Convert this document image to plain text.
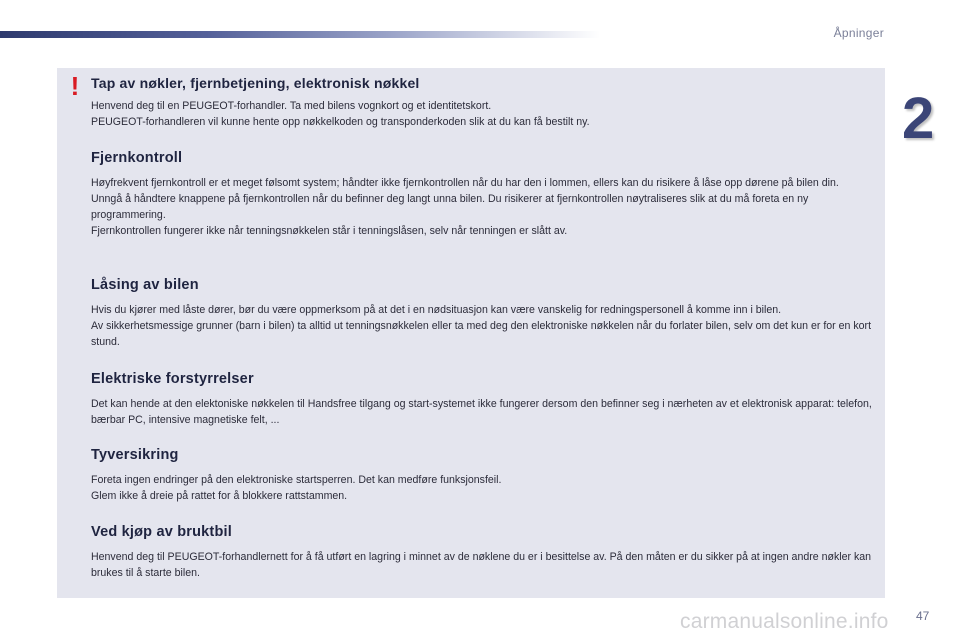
Åpninger
2
! Tap av nøkler, fjernbetjening, elektronisk nøkkel

Henvend deg til en PEUGEOT-forhandler. Ta med bilens vognkort og et identitetskort.

PEUGEOT-forhandleren vil kunne hente opp nøkkelkoden og transponderkoden slik at du kan få bestilt ny.

Fjernkontroll

Høyfrekvent fjernkontroll er et meget følsomt system; håndter ikke fjernkontrollen når du har den i lommen, ellers kan du risikere å låse opp dørene på bilen din.

Unngå å håndtere knappene på fjernkontrollen når du befinner deg langt unna bilen. Du risikerer at fjernkontrollen nøytraliseres slik at du må foreta en ny programmering.

Fjernkontrollen fungerer ikke når tenningsnøkkelen står i tenningslåsen, selv når tenningen er slått av.

Låsing av bilen

Hvis du kjører med låste dører, bør du være oppmerksom på at det i en nødsituasjon kan være vanskelig for redningspersonell å komme inn i bilen.

Av sikkerhetsmessige grunner (barn i bilen) ta alltid ut tenningsnøkkelen eller ta med deg den elektroniske nøkkelen når du forlater bilen, selv om det kun er for en kort stund.

Elektriske forstyrrelser

Det kan hende at den elektoniske nøkkelen til Handsfree tilgang og start-systemet ikke fungerer dersom den befinner seg i nærheten av et elektronisk apparat: telefon, bærbar PC, intensive magnetiske felt, ...

Tyversikring

Foreta ingen endringer på den elektroniske startsperren. Det kan medføre funksjonsfeil.

Glem ikke å dreie på rattet for å blokkere rattstammen.

Ved kjøp av bruktbil

Henvend deg til PEUGEOT-forhandlernett for å få utført en lagring i minnet av de nøklene du er i besittelse av. På den måten er du sikker på at ingen andre nøkler kan brukes til å starte bilen.

carmanualsonline.info 47
